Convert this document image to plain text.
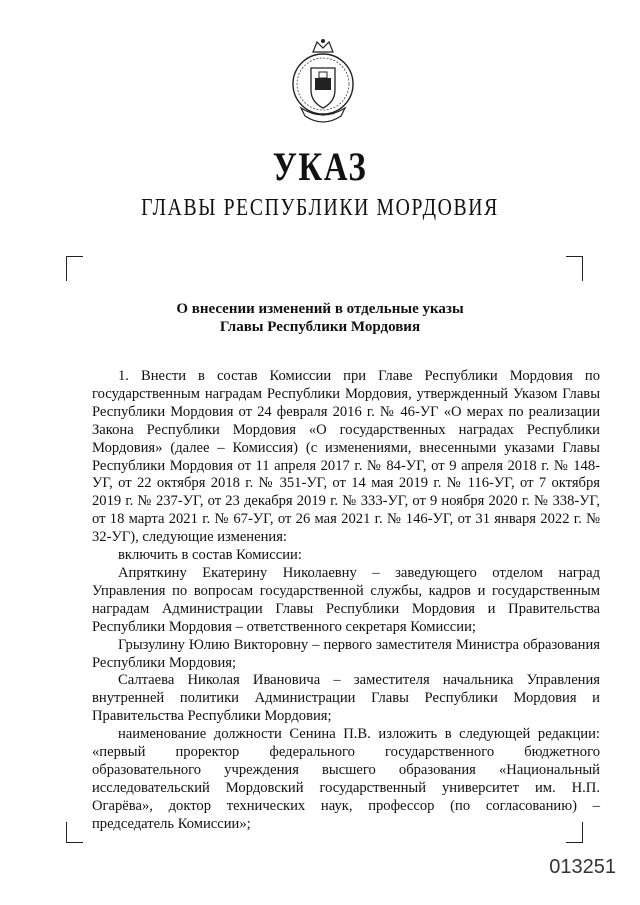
УКАЗ
ГЛАВЫ РЕСПУБЛИКИ МОРДОВИЯ
О внесении изменений в отдельные указы
Главы Республики Мордовия

1. Внести в состав Комиссии при Главе Республики Мордовия по государственным наградам Республики Мордовия, утвержденный Указом Главы Республики Мордовия от 24 февраля 2016 г. № 46-УГ «О мерах по реализации Закона Республики Мордовия «О государственных наградах Республики Мордовия» (далее – Комиссия) (с изменениями, внесенными указами Главы Республики Мордовия от 11 апреля 2017 г. № 84-УГ, от 9 апреля 2018 г. № 148-УГ, от 22 октября 2018 г. № 351-УГ, от 14 мая 2019 г. № 116-УГ, от 7 октября 2019 г. № 237-УГ, от 23 декабря 2019 г. № 333-УГ, от 9 ноября 2020 г. № 338-УГ, от 18 марта 2021 г. № 67-УГ, от 26 мая 2021 г. № 146-УГ, от 31 января 2022 г. № 32-УГ), следующие изменения:

включить в состав Комиссии:

Апряткину Екатерину Николаевну – заведующего отделом наград Управления по вопросам государственной службы, кадров и государственным наградам Администрации Главы Республики Мордовия и Правительства Республики Мордовия – ответственного секретаря Комиссии;

Грызулину Юлию Викторовну – первого заместителя Министра образования Республики Мордовия;

Салтаева Николая Ивановича – заместителя начальника Управления внутренней политики Администрации Главы Республики Мордовия и Правительства Республики Мордовия;

наименование должности Сенина П.В. изложить в следующей редакции: «первый проректор федерального государственного бюджетного образовательного учреждения высшего образования «Национальный исследовательский Мордовский государственный университет им. Н.П. Огарёва», доктор технических наук, профессор (по согласованию) – председатель Комиссии»;

013251
